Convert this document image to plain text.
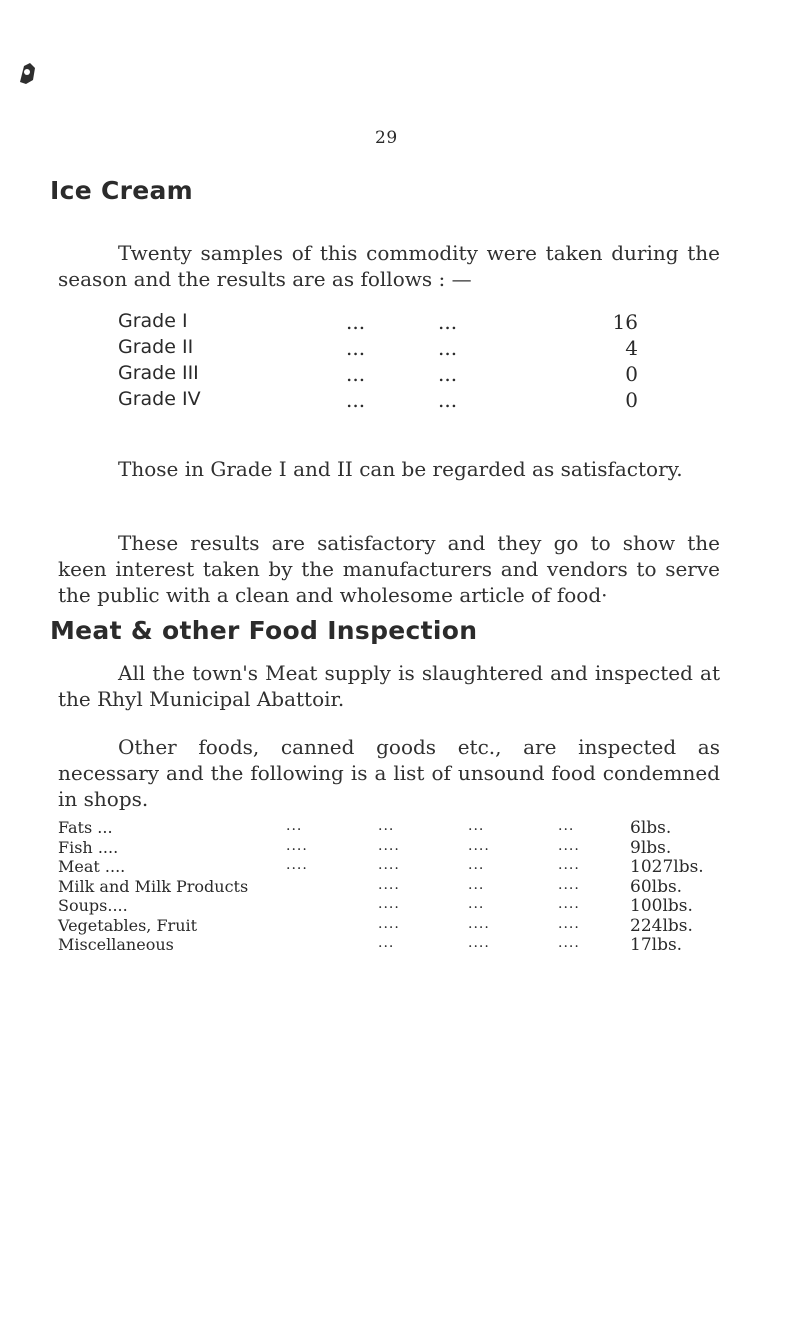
29
Ice Cream

Twenty samples of this commodity were taken during the season and the results are as follows : —

Grade I	...	...	16
Grade II	...	...	4
Grade III	...	...	0
Grade IV	...	...	0

Those in Grade I and II can be regarded as satisfactory.

These results are satisfactory and they go to show the keen interest taken by the manufacturers and vendors to serve the public with a clean and wholesome article of food·

Meat & other Food Inspection

All the town's Meat supply is slaughtered and inspected at the Rhyl Municipal Abattoir.

Other foods, canned goods etc., are inspected as necessary and the following is a list of unsound food condemned in shops.

Fats ...	...	...	...	...	6lbs.
Fish ....	....	....	....	....	9lbs.
Meat ....	....	....	...	....	1027lbs.
Milk and Milk Products	....	...	....	60lbs.
Soups....	....	...	....	100lbs.
Vegetables, Fruit	....	....	....	224lbs.
Miscellaneous	...	....	....	17lbs.
